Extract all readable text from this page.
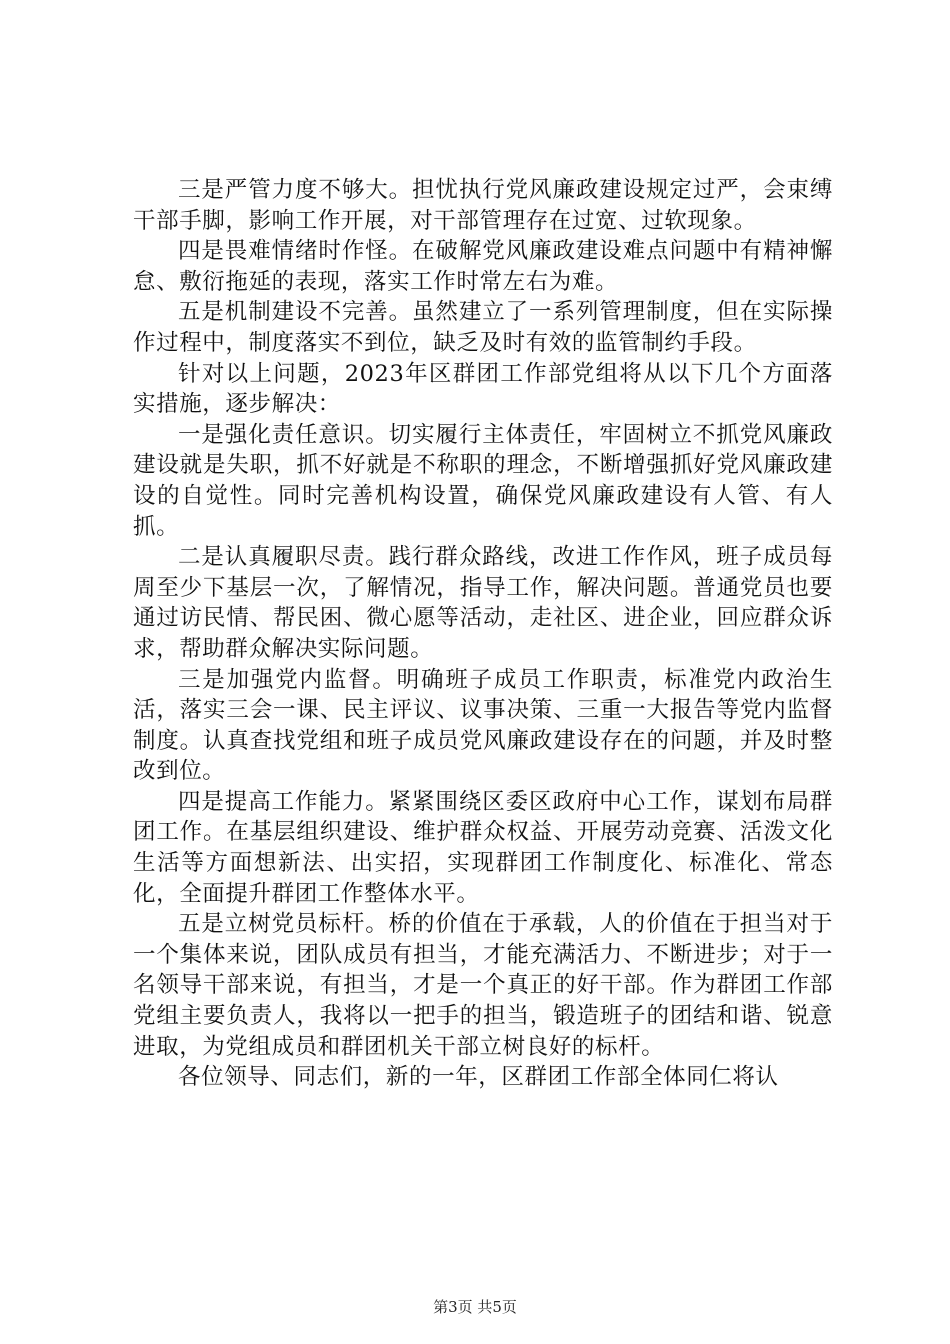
三是严管力度不够大。担忧执行党风廉政建设规定过严，会束缚干部手脚，影响工作开展，对干部管理存在过宽、过软现象。

四是畏难情绪时作怪。在破解党风廉政建设难点问题中有精神懈怠、敷衍拖延的表现，落实工作时常左右为难。

五是机制建设不完善。虽然建立了一系列管理制度，但在实际操作过程中，制度落实不到位，缺乏及时有效的监管制约手段。

针对以上问题，2023年区群团工作部党组将从以下几个方面落实措施，逐步解决：

一是强化责任意识。切实履行主体责任，牢固树立不抓党风廉政建设就是失职，抓不好就是不称职的理念，不断增强抓好党风廉政建设的自觉性。同时完善机构设置，确保党风廉政建设有人管、有人抓。

二是认真履职尽责。践行群众路线，改进工作作风，班子成员每周至少下基层一次，了解情况，指导工作，解决问题。普通党员也要通过访民情、帮民困、微心愿等活动，走社区、进企业，回应群众诉求，帮助群众解决实际问题。

三是加强党内监督。明确班子成员工作职责，标准党内政治生活，落实三会一课、民主评议、议事决策、三重一大报告等党内监督制度。认真查找党组和班子成员党风廉政建设存在的问题，并及时整改到位。

四是提高工作能力。紧紧围绕区委区政府中心工作，谋划布局群团工作。在基层组织建设、维护群众权益、开展劳动竞赛、活泼文化生活等方面想新法、出实招，实现群团工作制度化、标准化、常态化，全面提升群团工作整体水平。

五是立树党员标杆。桥的价值在于承载，人的价值在于担当对于一个集体来说，团队成员有担当，才能充满活力、不断进步；对于一名领导干部来说，有担当，才是一个真正的好干部。作为群团工作部党组主要负责人，我将以一把手的担当，锻造班子的团结和谐、锐意进取，为党组成员和群团机关干部立树良好的标杆。

各位领导、同志们，新的一年，区群团工作部全体同仁将认

第3页 共5页
